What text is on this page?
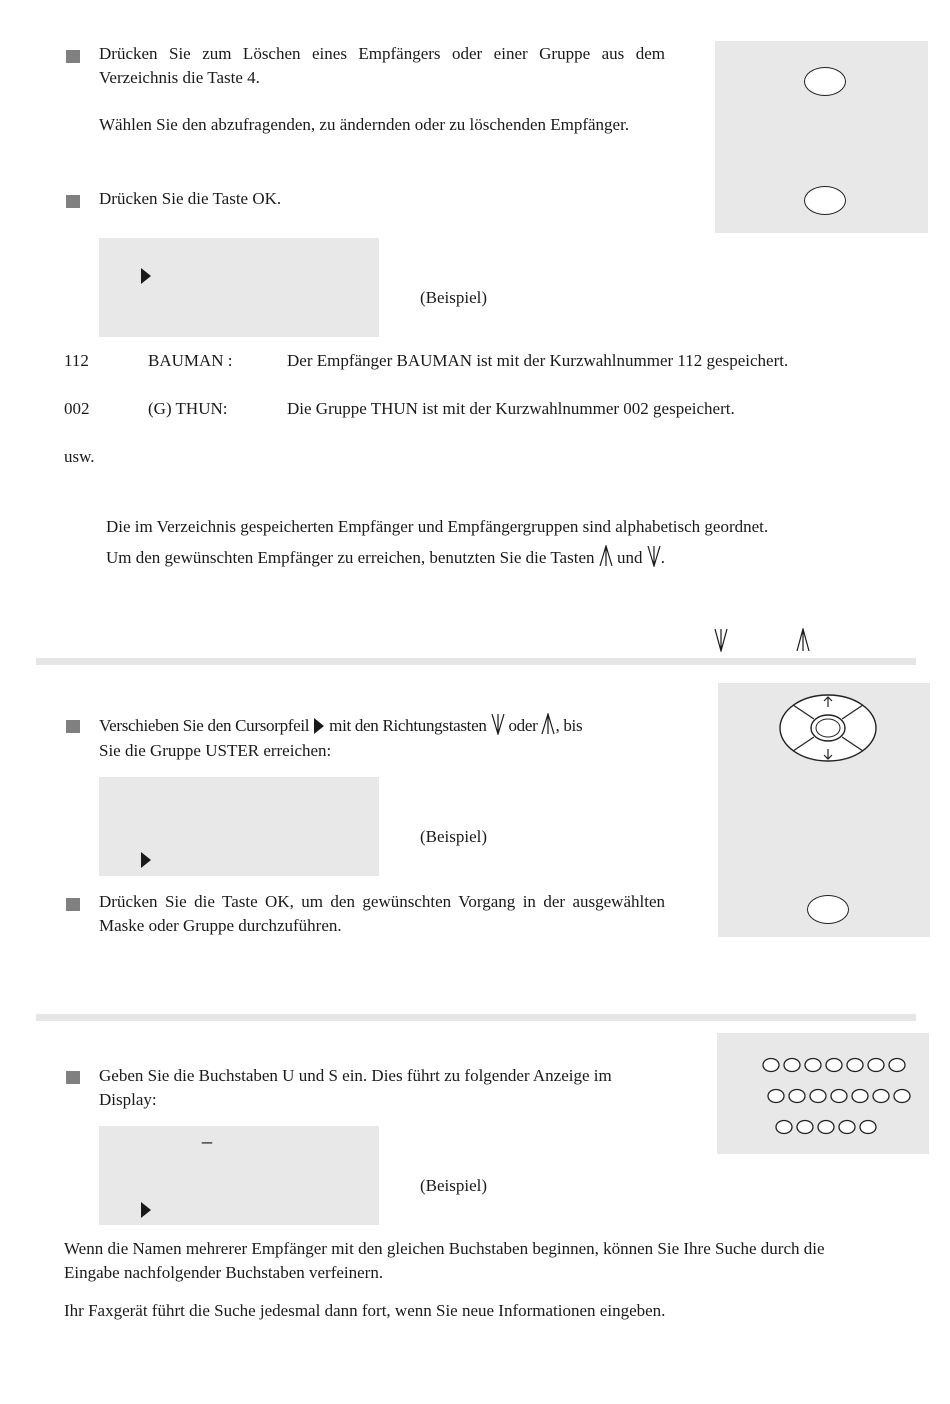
Drücken Sie zum Löschen eines Empfängers oder einer Gruppe aus dem Verzeichnis die Taste 4.
Wählen Sie den abzufragenden, zu ändernden oder zu löschenden Empfänger.
Drücken Sie die Taste OK.
(Beispiel)
112	BAUMAN :	Der Empfänger BAUMAN ist mit der Kurzwahlnummer 112 gespeichert.
002	(G) THUN:	Die Gruppe THUN ist mit der Kurzwahlnummer 002 gespeichert.
usw.
Die im Verzeichnis gespeicherten Empfänger und Empfängergruppen sind alphabetisch geordnet.
Um den gewünschten Empfänger zu erreichen, benutzten Sie die Tasten und .
Verschieben Sie den Cursorpfeil mit den Richtungstasten oder , bis
Sie die Gruppe USTER erreichen:
(Beispiel)
Drücken Sie die Taste OK, um den gewünschten Vorgang in der ausgewählten Maske oder Gruppe durchzuführen.
Geben Sie die Buchstaben U und S ein. Dies führt zu folgender Anzeige im Display:
_
(Beispiel)
Wenn die Namen mehrerer Empfänger mit den gleichen Buchstaben beginnen, können Sie Ihre Suche durch die Eingabe nachfolgender Buchstaben verfeinern.
Ihr Faxgerät führt die Suche jedesmal dann fort, wenn Sie neue Informationen eingeben.
